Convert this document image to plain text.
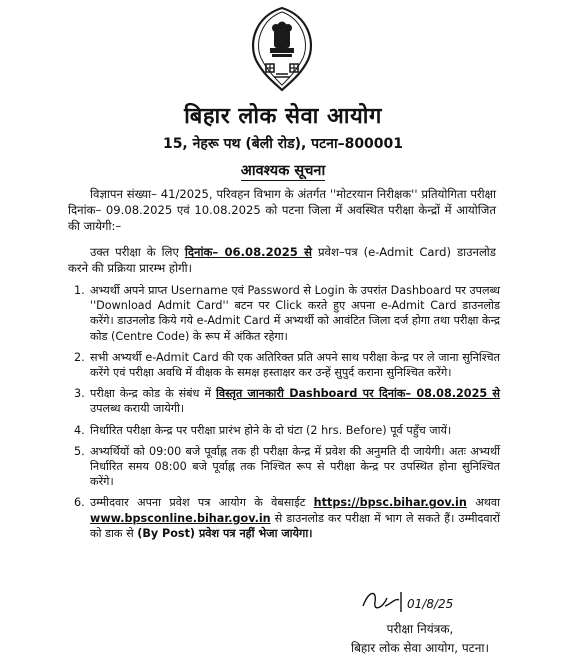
बिहार लोक सेवा आयोग
15, नेहरू पथ (बेली रोड), पटना–800001
आवश्यक सूचना
विज्ञापन संख्या– 41/2025, परिवहन विभाग के अंतर्गत ''मोटरयान निरीक्षक'' प्रतियोगिता परीक्षा दिनांक– 09.08.2025 एवं 10.08.2025 को पटना जिला में अवस्थित परीक्षा केन्द्रों में आयोजित की जायेगी:–
उक्त परीक्षा के लिए दिनांक– 06.08.2025 से प्रवेश–पत्र (e-Admit Card) डाउनलोड करने की प्रक्रिया प्रारम्भ होगी।
1. अभ्यर्थी अपने प्राप्त Username एवं Password से Login के उपरांत Dashboard पर उपलब्ध ''Download Admit Card'' बटन पर Click करते हुए अपना e-Admit Card डाउनलोड करेंगे। डाउनलोड किये गये e-Admit Card में अभ्यर्थी को आवंटित जिला दर्ज होगा तथा परीक्षा केन्द्र कोड (Centre Code) के रूप में अंकित रहेगा।
2. सभी अभ्यर्थी e-Admit Card की एक अतिरिक्त प्रति अपने साथ परीक्षा केन्द्र पर ले जाना सुनिश्चित करेंगे एवं परीक्षा अवधि में वीक्षक के समक्ष हस्ताक्षर कर उन्हें सुपुर्द कराना सुनिश्चित करेंगे।
3. परीक्षा केन्द्र कोड के संबंध में विस्तृत जानकारी Dashboard पर दिनांक– 08.08.2025 से उपलब्ध करायी जायेगी।
4. निर्धारित परीक्षा केन्द्र पर परीक्षा प्रारंभ होने के दो घंटा (2 hrs. Before) पूर्व पहुँच जायें।
5. अभ्यर्थियों को 09:00 बजे पूर्वाह्न तक ही परीक्षा केन्द्र में प्रवेश की अनुमति दी जायेगी। अतः अभ्यर्थी निर्धारित समय 08:00 बजे पूर्वाह्न तक निश्चित रूप से परीक्षा केन्द्र पर उपस्थित होना सुनिश्चित करेंगे।
6. उम्मीदवार अपना प्रवेश पत्र आयोग के वेबसाईट https://bpsc.bihar.gov.in अथवा www.bpsconline.bihar.gov.in से डाउनलोड कर परीक्षा में भाग ले सकते हैं। उम्मीदवारों को डाक से (By Post) प्रवेश पत्र नहीं भेजा जायेगा।
01/8/25
परीक्षा नियंत्रक,
बिहार लोक सेवा आयोग, पटना।
